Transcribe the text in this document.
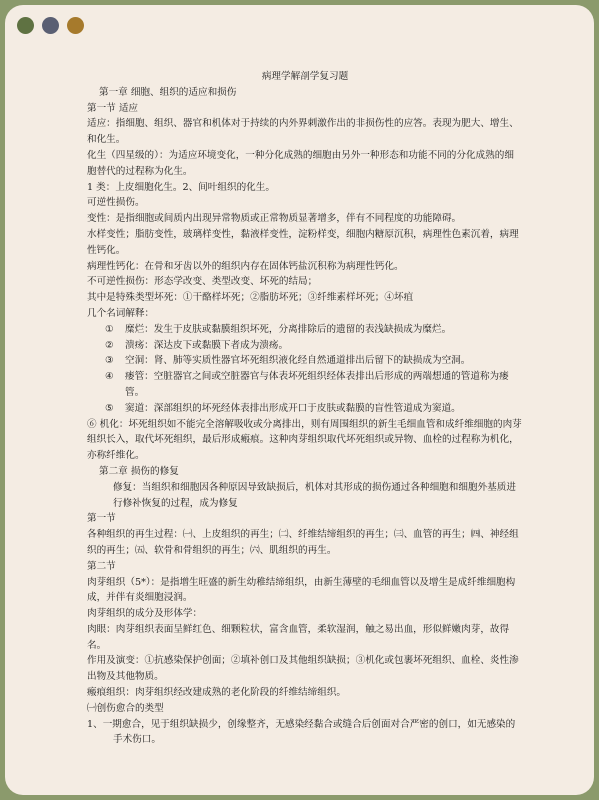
病理学解剖学复习题

第一章 细胞、组织的适应和损伤

第一节 适应

适应：指细胞、组织、器官和机体对于持续的内外界刺激作出的非损伤性的应答。表现为肥大、增生、和化生。

化生（四星级的）：为适应环境变化，一种分化成熟的细胞由另外一种形态和功能不同的分化成熟的细胞替代的过程称为化生。

1 类：上皮细胞化生。2、间叶组织的化生。

可逆性损伤。

变性：是指细胞或间质内出现异常物质或正常物质显著增多，伴有不同程度的功能障碍。

水样变性；脂肪变性，玻璃样变性，黏液样变性，淀粉样变，细胞内糖原沉积，病理性色素沉着，病理性钙化。

病理性钙化：在骨和牙齿以外的组织内存在固体钙盐沉积称为病理性钙化。

不可逆性损伤：形态学改变、类型改变、坏死的结局；

其中是特殊类型坏死：①干酪样坏死；②脂肪坏死；③纤维素样坏死；④坏疽

几个名词解释：

① 糜烂：发生于皮肤或黏膜组织坏死，分离排除后的遗留的表浅缺损成为糜烂。

② 溃疡：深达皮下或黏膜下者成为溃疡。

③ 空洞：肾、肺等实质性器官坏死组织液化经自然通道排出后留下的缺损成为空洞。

④ 瘘管：空脏器官之间或空脏器官与体表坏死组织经体表排出后形成的两端想通的管道称为瘘管。

⑤ 窦道：深部组织的坏死经体表排出形成开口于皮肤或黏膜的盲性管道成为窦道。

⑥ 机化：坏死组织如不能完全溶解吸收或分离排出，则有周围组织的新生毛细血管和成纤维细胞的肉芽组织长入，取代坏死组织，最后形成瘢痕。这种肉芽组织取代坏死组织或异物、血栓的过程称为机化，亦称纤维化。

第二章 损伤的修复

修复：当组织和细胞因各种原因导致缺损后，机体对其形成的损伤通过各种细胞和细胞外基质进行修补恢复的过程，成为修复

第一节

各种组织的再生过程：㈠、上皮组织的再生；㈡、纤维结缔组织的再生；㈢、血管的再生；㈣、神经组织的再生；㈤、软骨和骨组织的再生；㈥、肌组织的再生。

第二节

肉芽组织（5*）：是指增生旺盛的新生幼稚结缔组织，由新生薄壁的毛细血管以及增生是成纤维细胞构成，并伴有炎细胞浸润。

肉芽组织的成分及形体学：

肉眼：肉芽组织表面呈鲜红色、细颗粒状，富含血管，柔软湿润，触之易出血，形似鲜嫩肉芽，故得名。

作用及演变：①抗感染保护创面；②填补创口及其他组织缺损；③机化或包裹坏死组织、血栓、炎性渗出物及其他物质。

瘢痕组织：肉芽组织经改建成熟的老化阶段的纤维结缔组织。

㈠创伤愈合的类型

1、一期愈合，见于组织缺损少，创缘整齐，无感染经黏合或缝合后创面对合严密的创口，如无感染的手术伤口。
